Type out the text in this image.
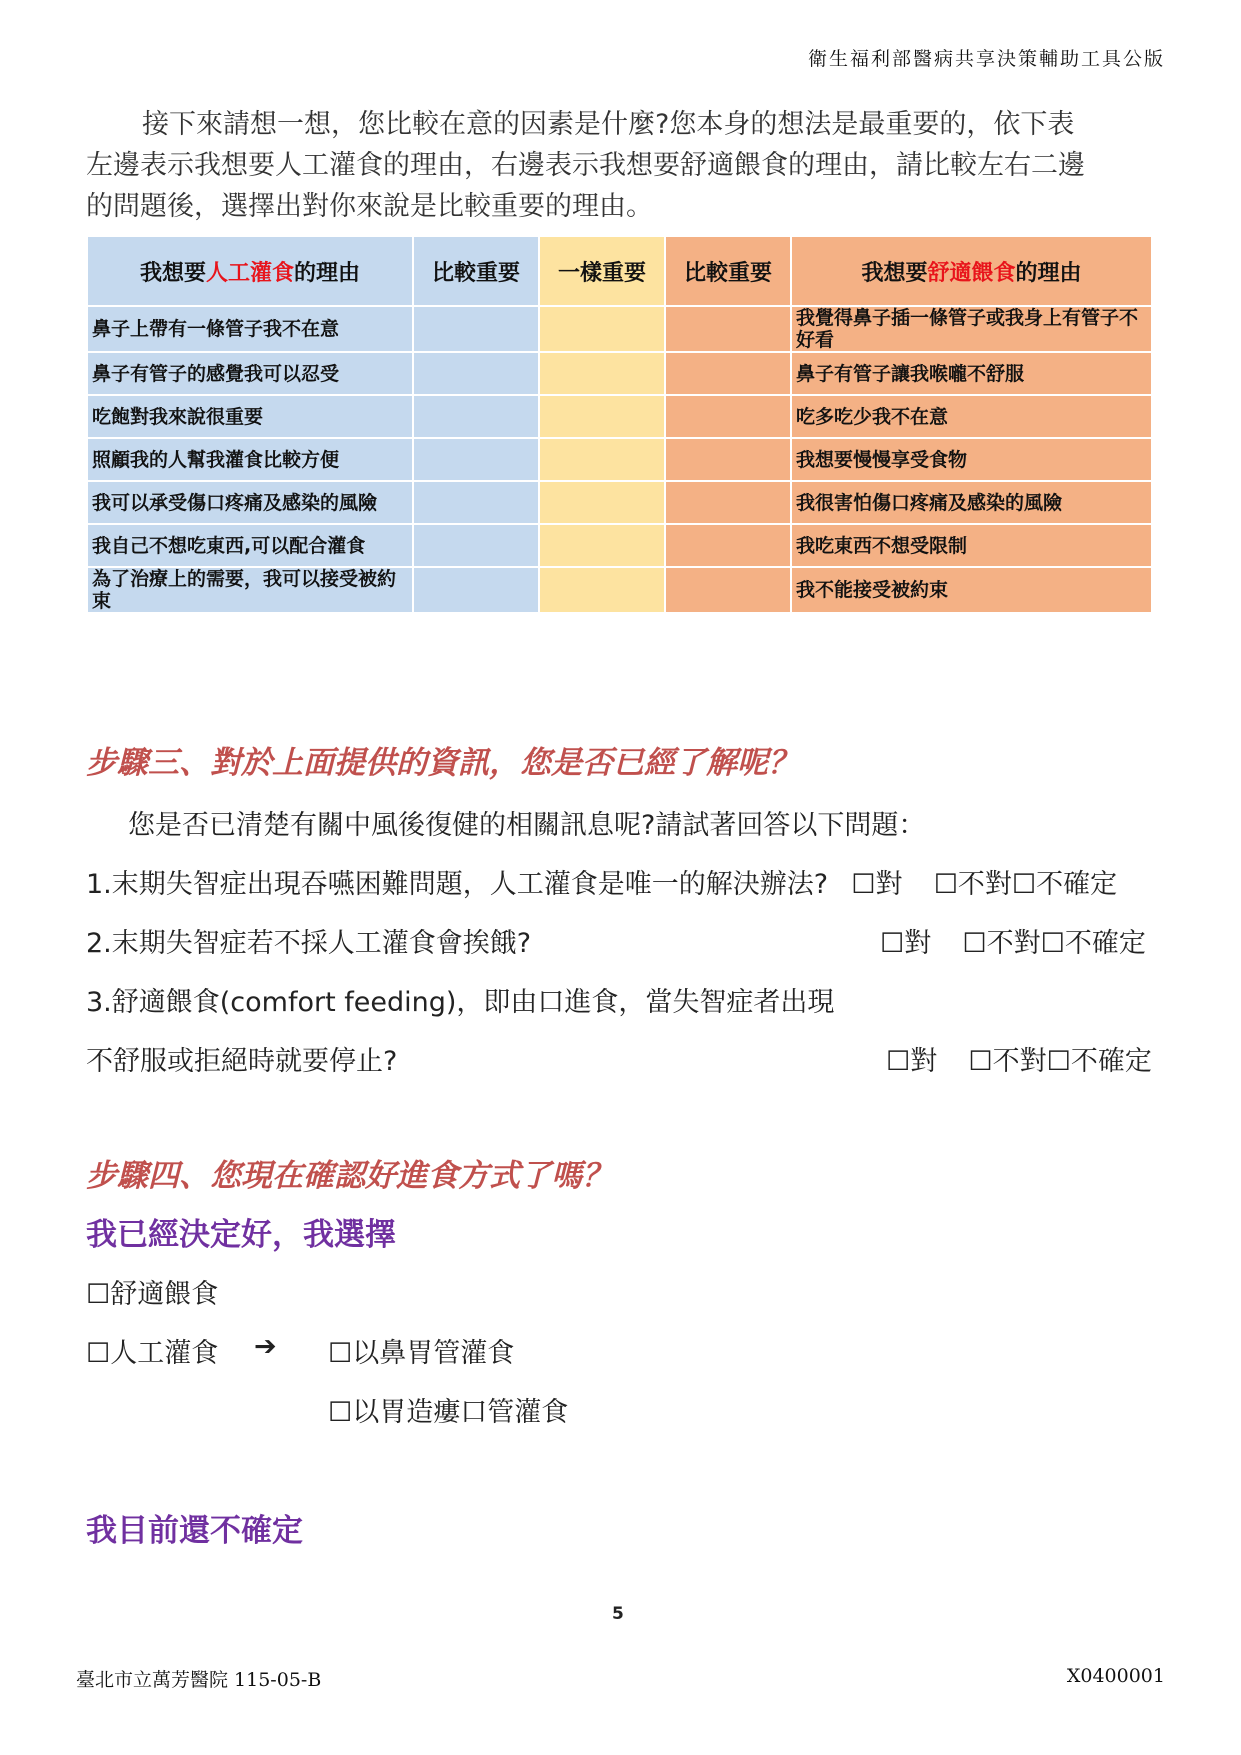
衛生福利部醫病共享決策輔助工具公版
接下來請想一想，您比較在意的因素是什麼?您本身的想法是最重要的，依下表
左邊表示我想要人工灌食的理由，右邊表示我想要舒適餵食的理由，請比較左右二邊
的問題後，選擇出對你來說是比較重要的理由。
我想要人工灌食的理由	比較重要	一樣重要	比較重要	我想要舒適餵食的理由
鼻子上帶有一條管子我不在意				我覺得鼻子插一條管子或我身上有管子不好看
鼻子有管子的感覺我可以忍受				鼻子有管子讓我喉嚨不舒服
吃飽對我來說很重要				吃多吃少我不在意
照顧我的人幫我灌食比較方便				我想要慢慢享受食物
我可以承受傷口疼痛及感染的風險				我很害怕傷口疼痛及感染的風險
我自己不想吃東西,可以配合灌食				我吃東西不想受限制
為了治療上的需要，我可以接受被約束				我不能接受被約束
步驟三、對於上面提供的資訊，您是否已經了解呢？
您是否已清楚有關中風後復健的相關訊息呢?請試著回答以下問題：
1.末期失智症出現吞嚥困難問題，人工灌食是唯一的解決辦法? ☐對 ☐不對☐不確定
2.末期失智症若不採人工灌食會挨餓?	☐對 ☐不對☐不確定
3.舒適餵食(comfort feeding)，即由口進食，當失智症者出現
不舒服或拒絕時就要停止?	☐對 ☐不對☐不確定
步驟四、您現在確認好進食方式了嗎？
我已經決定好，我選擇
☐舒適餵食
☐人工灌食 ➔ ☐以鼻胃管灌食
☐以胃造瘻口管灌食
我目前還不確定
5
臺北市立萬芳醫院 115-05-B	X0400001
